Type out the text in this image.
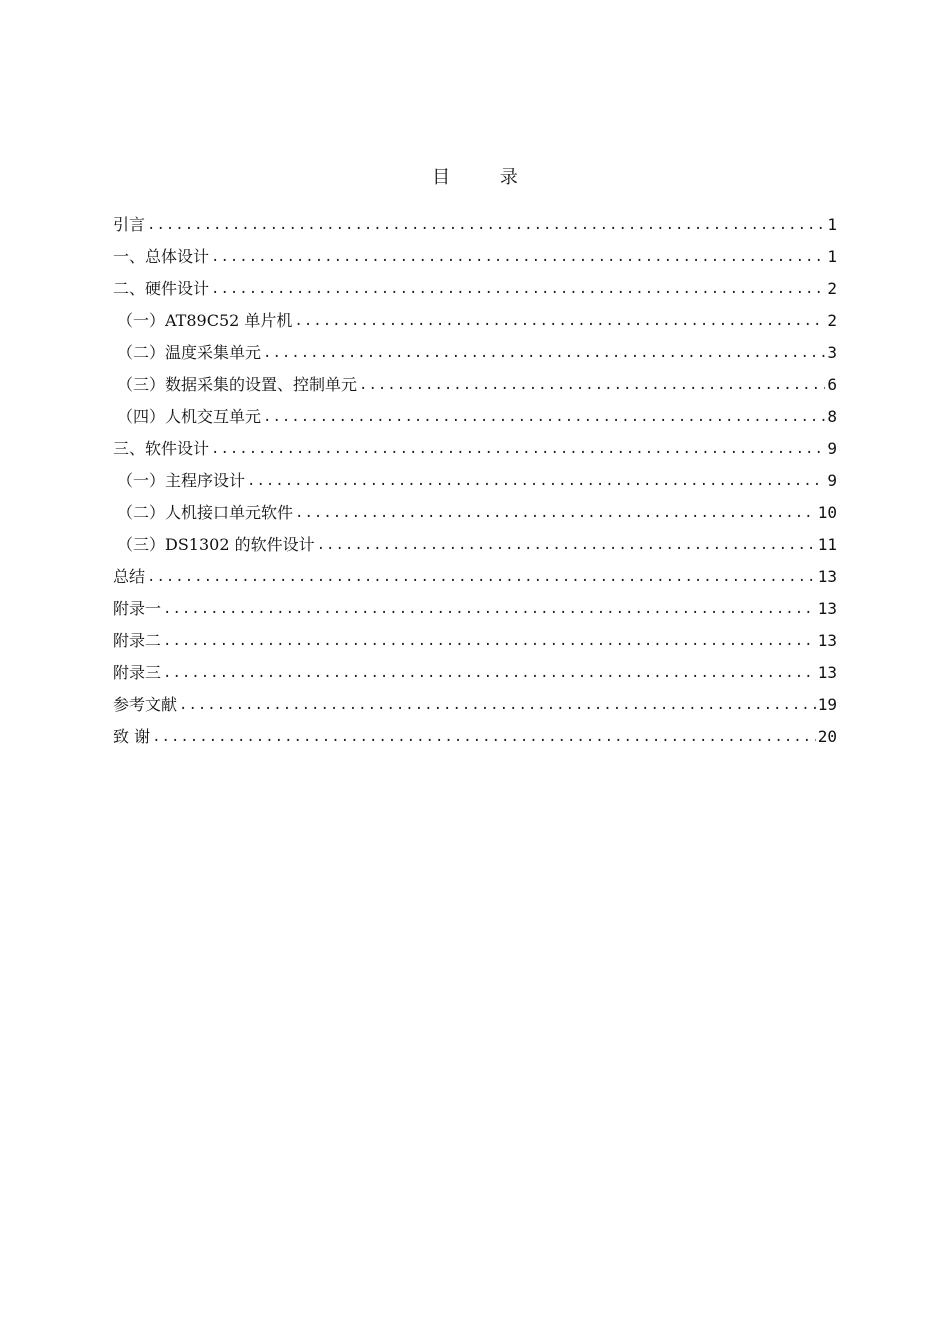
目 录
引言 .....	1
一、总体设计 .....	1
二、硬件设计 .....	2
（一）AT89C52 单片机 .....	2
（二）温度采集单元 .....	3
（三）数据采集的设置、控制单元 .....	6
（四）人机交互单元 .....	8
三、软件设计 .....	9
（一）主程序设计 .....	9
（二）人机接口单元软件 .....	10
（三）DS1302 的软件设计 .....	11
总结 .....	13
附录一 .....	13
附录二 .....	13
附录三 .....	13
参考文献 .....	19
致 谢 .....	20
